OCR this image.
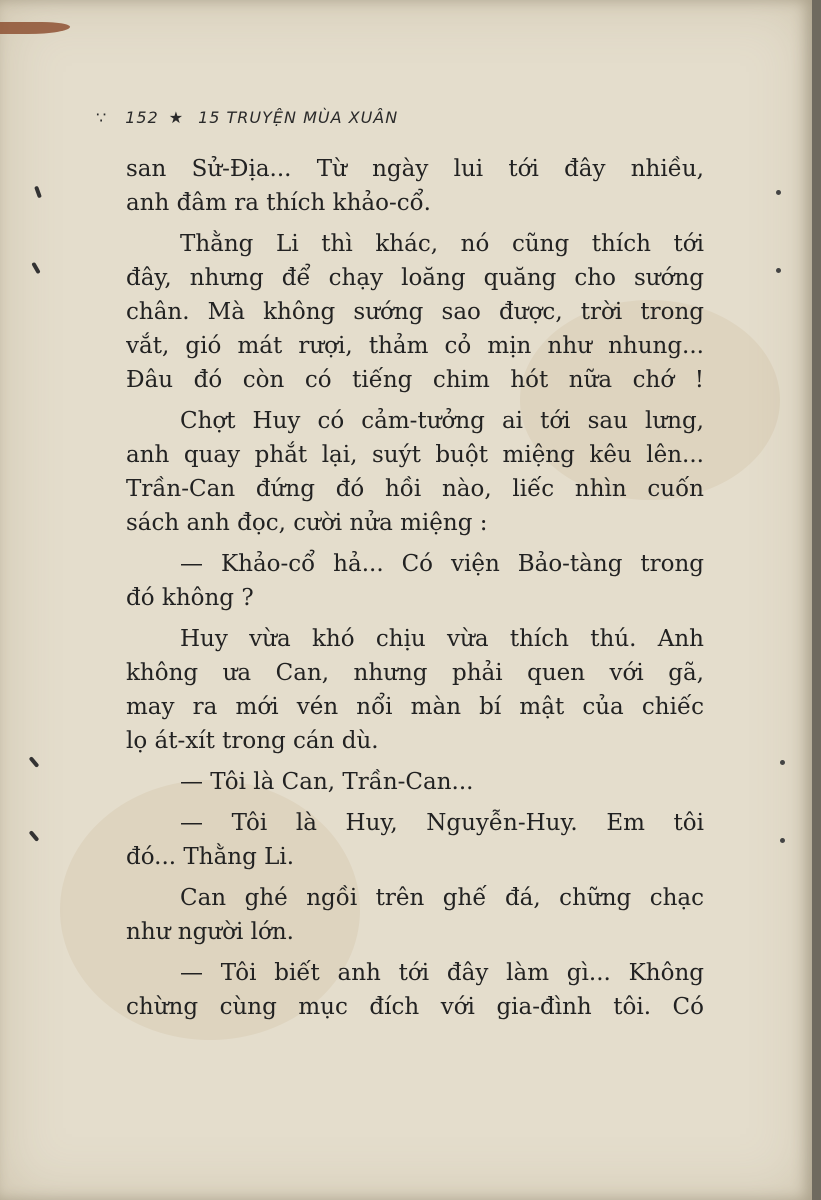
∵ 152 ★ 15 TRUYỆN MÙA XUÂN
san Sử-Địa... Từ ngày lui tới đây nhiều,
anh đâm ra thích khảo-cổ.
Thằng Li thì khác, nó cũng thích tới
đây, nhưng để chạy loăng quăng cho sướng
chân. Mà không sướng sao được, trời trong
vắt, gió mát rượi, thảm cỏ mịn như nhung...
Đâu đó còn có tiếng chim hót nữa chớ !
Chợt Huy có cảm-tưởng ai tới sau lưng,
anh quay phắt lại, suýt buột miệng kêu lên...
Trần-Can đứng đó hồi nào, liếc nhìn cuốn
sách anh đọc, cười nửa miệng :
— Khảo-cổ hả... Có viện Bảo-tàng trong
đó không ?
Huy vừa khó chịu vừa thích thú. Anh
không ưa Can, nhưng phải quen với gã,
may ra mới vén nổi màn bí mật của chiếc
lọ át-xít trong cán dù.
— Tôi là Can, Trần-Can...
— Tôi là Huy, Nguyễn-Huy. Em tôi
đó... Thằng Li.
Can ghé ngồi trên ghế đá, chững chạc
như người lớn.
— Tôi biết anh tới đây làm gì... Không
chừng cùng mục đích với gia-đình tôi. Có
